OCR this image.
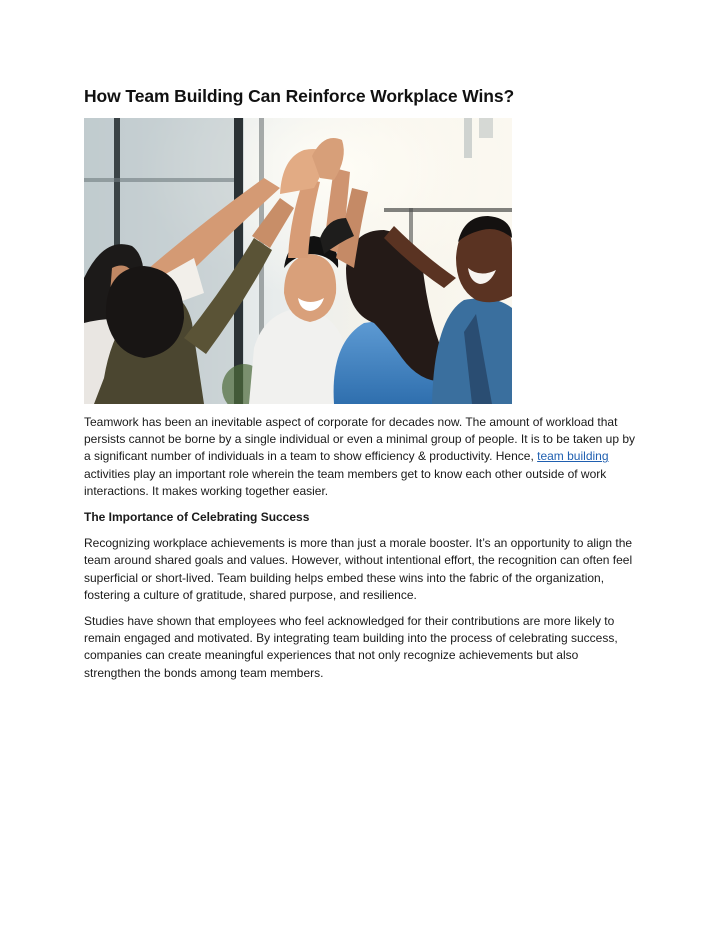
How Team Building Can Reinforce Workplace Wins?

Teamwork has been an inevitable aspect of corporate for decades now. The amount of workload that persists cannot be borne by a single individual or even a minimal group of people. It is to be taken up by a significant number of individuals in a team to show efficiency & productivity. Hence, team building activities play an important role wherein the team members get to know each other outside of work interactions. It makes working together easier.

The Importance of Celebrating Success

Recognizing workplace achievements is more than just a morale booster. It’s an opportunity to align the team around shared goals and values. However, without intentional effort, the recognition can often feel superficial or short-lived. Team building helps embed these wins into the fabric of the organization, fostering a culture of gratitude, shared purpose, and resilience.

Studies have shown that employees who feel acknowledged for their contributions are more likely to remain engaged and motivated. By integrating team building into the process of celebrating success, companies can create meaningful experiences that not only recognize achievements but also strengthen the bonds among team members.
